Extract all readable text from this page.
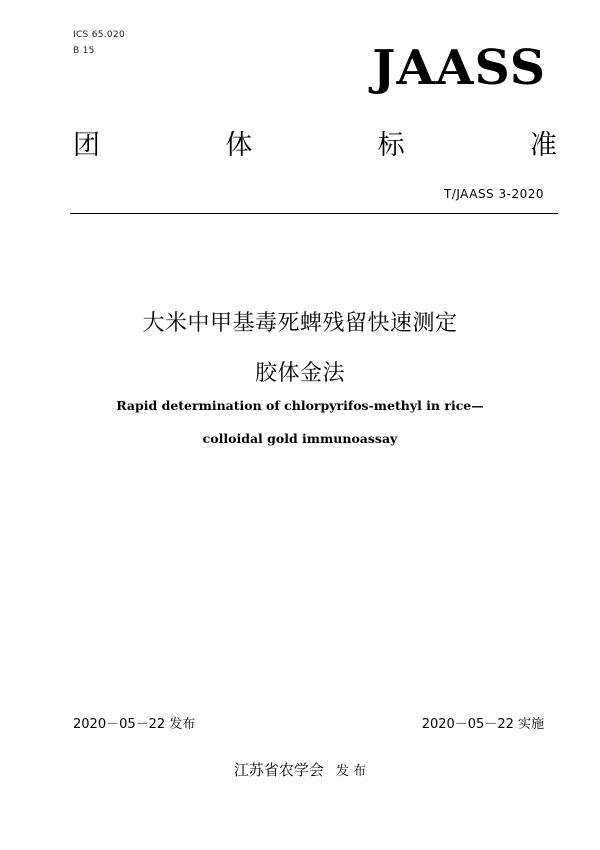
ICS 65.020
B 15	JAASS
团	体	标	准
T/JAASS 3-2020
大米中甲基毒死蜱残留快速测定
胶体金法
Rapid determination of chlorpyrifos-methyl in rice—
colloidal gold immunoassay
2020－05－22 发布	2020－05－22 实施
江苏省农学会 发 布
